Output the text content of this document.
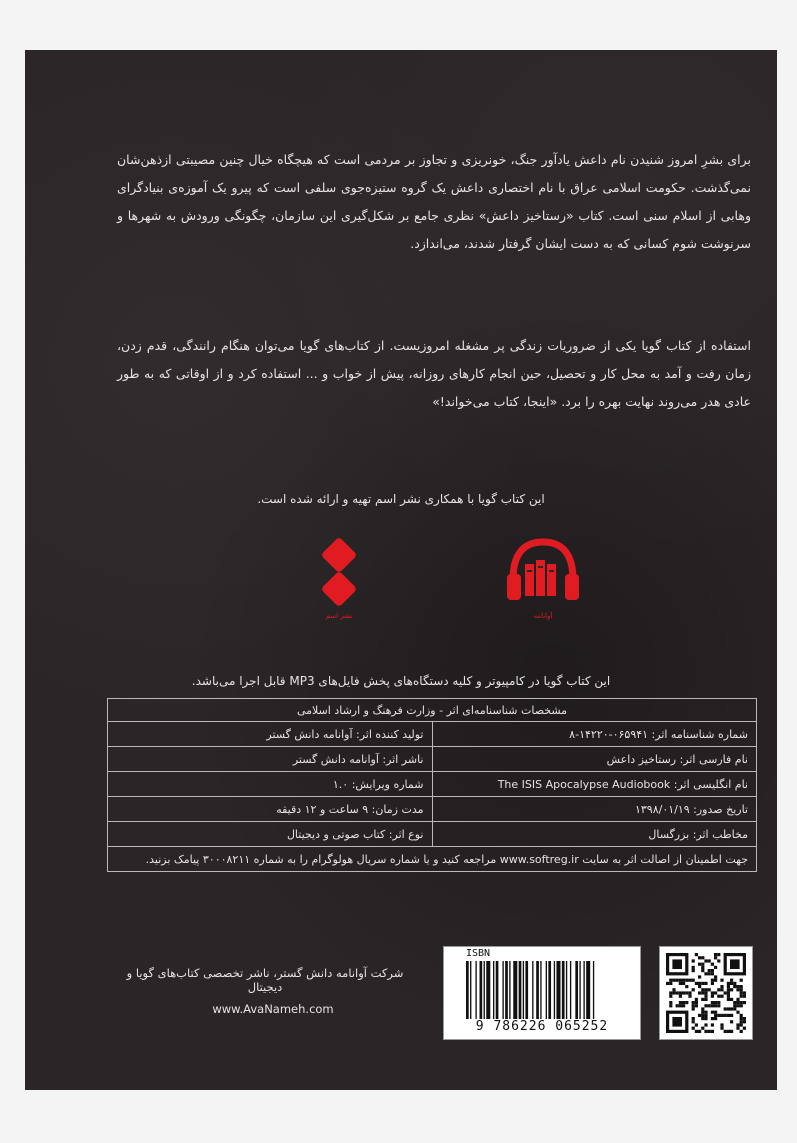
برای بشرِ امروز شنیدن نام داعش یادآور جنگ، خونریزی و تجاوز بر مردمی است که هیچگاه خیال چنین مصیبتی ازذهن‌شان نمی‌گذشت. حکومت اسلامی عراق با نام اختصاری داعش یک گروه ستیزه‌جوی سلفی است که پیرو یک آموزه‌ی بنیادگرای وهابی از اسلام سنی است. کتاب «رستاخیز داعش» نظری جامع بر شکل‌گیری این سازمان، چگونگی ورودش به شهرها و سرنوشت شوم کسانی که به دست ایشان گرفتار شدند، می‌اندازد.
استفاده از کتاب گویا یکی از ضروریات زندگی پر مشغله امروزیست. از کتاب‌های گویا می‌توان هنگام رانندگی، قدم زدن، زمان رفت و آمد به محل کار و تحصیل، حین انجام کارهای روزانه، پیش از خواب و ... استفاده کرد و از اوقاتی که به طور عادی هدر می‌روند نهایت بهره را برد. «اینجا، کتاب می‌خواند!»
این کتاب گویا با همکاری نشر اسم تهیه و ارائه شده است.
آوانامه
نشر اسم
این کتاب گویا در کامپیوتر و کلیه دستگاه‌های پخش فایل‌های MP3 قابل اجرا می‌باشد.
مشخصات شناسنامه‌ای اثر - وزارت فرهنگ و ارشاد اسلامی	
شماره شناسنامه اثر: ۰۶۵۹۴۱-۱۴۲۲۰-۸	تولید کننده اثر: آوانامه دانش گستر
نام فارسی اثر: رستاخیز داعش	ناشر اثر: آوانامه دانش گستر
نام انگلیسی اثر: The ISIS Apocalypse Audiobook	شماره ویرایش: ۱.۰
تاریخ صدور: ۱۳۹۸/۰۱/۱۹	مدت زمان: ۹ ساعت و ۱۲ دقیقه
مخاطب اثر: بزرگسال	نوع اثر: کتاب صوتی و دیجیتال
جهت اطمینان از اصالت اثر به سایت www.softreg.ir مراجعه کنید و یا شماره سریال هولوگرام را به شماره ۳۰۰۰۸۲۱۱ پیامک بزنید.	
شرکت آوانامه دانش گستر، ناشر تخصصی کتاب‌های گویا و دیجیتال
www.AvaNameh.com
ISBN
9 786226 065252
